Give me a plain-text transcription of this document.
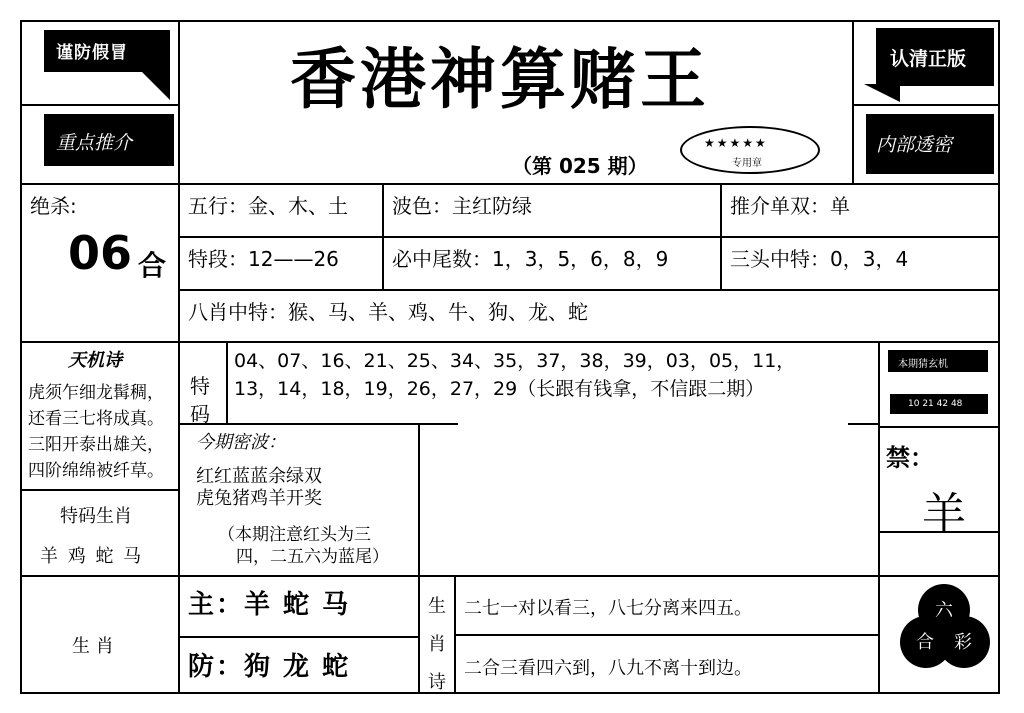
谨防假冒
重点推介
认清正版
内部透密
香港神算赌王
（第 025 期）
★★★★★
专用章
绝杀:
06 合
五行：金、木、土 波色：主红防绿	推介单双：单
特段：12——26	必中尾数：1，3，5，6，8，9	三头中特：0，3，4
八肖中特：猴、马、羊、鸡、牛、狗、龙、蛇
天机诗
虎须乍细龙髯稠，
还看三七将成真。
三阳开泰出雄关，
四阶绵绵被纤草。
特
码
04、07、16、21、25、34、35，37，38，39，03，05，11，
13，14，18，19，26，27，29（长跟有钱拿，不信跟二期）
本期猜玄机
10 21 42 48
禁：
羊
今期密波：
红红蓝蓝余绿双
虎兔猪鸡羊开奖
（本期注意红头为三
四，二五六为蓝尾）
特码生肖
羊 鸡 蛇 马
生 肖
主：羊 蛇 马
防：狗 龙 蛇
生
肖
诗
二七一对以看三，八七分离来四五。
二合三看四六到，八九不离十到边。
六
合 彩
